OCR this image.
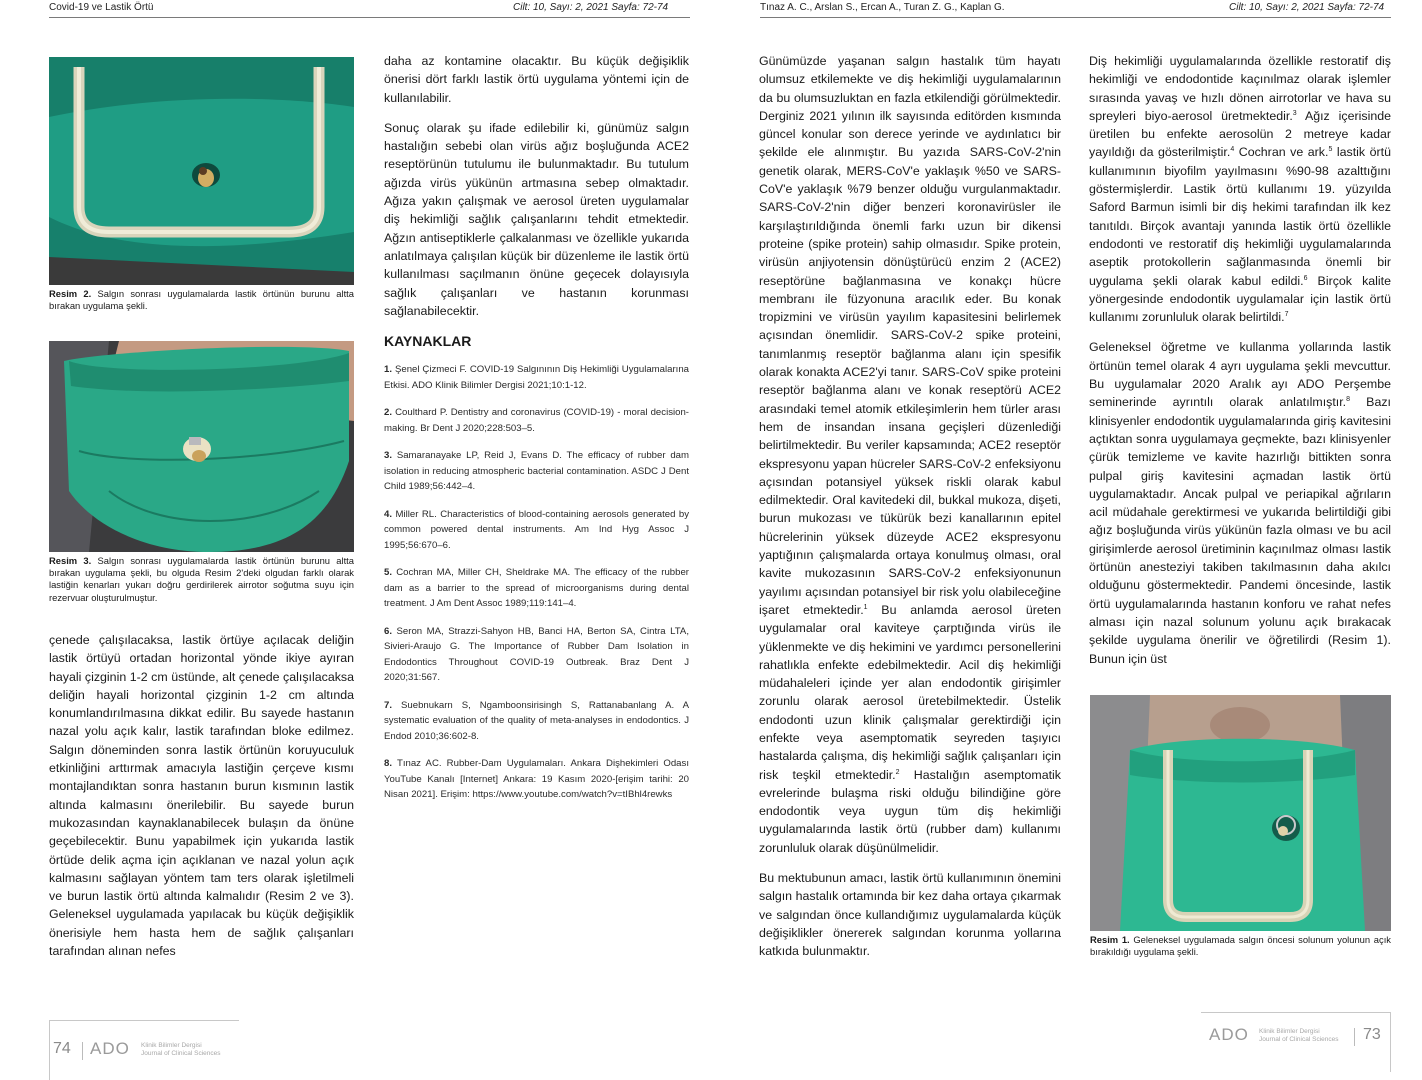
Covid-19 ve Lastik Örtü	Cilt: 10, Sayı: 2, 2021 Sayfa: 72-74
Resim 2. Salgın sonrası uygulamalarda lastik örtünün burunu altta bırakan uygulama şekli.
Resim 3. Salgın sonrası uygulamalarda lastik örtünün burunu altta bırakan uygulama şekli, bu olguda Resim 2'deki olgudan farklı olarak lastiğin kenarları yukarı doğru gerdirilerek airrotor soğutma suyu için rezervuar oluşturulmuştur.

çenede çalışılacaksa, lastik örtüye açılacak deliğin lastik örtüyü ortadan horizontal yönde ikiye ayıran hayali çizginin 1-2 cm üstünde, alt çenede çalışılacaksa deliğin hayali horizontal çizginin 1-2 cm altında konumlandırılmasına dikkat edilir. Bu sayede hastanın nazal yolu açık kalır, lastik tarafından bloke edilmez. Salgın döneminden sonra lastik örtünün koruyuculuk etkinliğini arttırmak amacıyla lastiğin çerçeve kısmı montajlandıktan sonra hastanın burun kısmının lastik altında kalmasını önerilebilir. Bu sayede burun mukozasından kaynaklanabilecek bulaşın da önüne geçebilecektir. Bunu yapabilmek için yukarıda lastik örtüde delik açma için açıklanan ve nazal yolun açık kalmasını sağlayan yöntem tam ters olarak işletilmeli ve burun lastik örtü altında kalmalıdır (Resim 2 ve 3). Geleneksel uygulamada yapılacak bu küçük değişiklik önerisiyle hem hasta hem de sağlık çalışanları tarafından alınan nefes

daha az kontamine olacaktır. Bu küçük değişiklik önerisi dört farklı lastik örtü uygulama yöntemi için de kullanılabilir.

Sonuç olarak şu ifade edilebilir ki, günümüz salgın hastalığın sebebi olan virüs ağız boşluğunda ACE2 reseptörünün tutulumu ile bulunmaktadır. Bu tutulum ağızda virüs yükünün artmasına sebep olmaktadır. Ağıza yakın çalışmak ve aerosol üreten uygulamalar diş hekimliği sağlık çalışanlarını tehdit etmektedir. Ağzın antiseptiklerle çalkalanması ve özellikle yukarıda anlatılmaya çalışılan küçük bir düzenleme ile lastik örtü kullanılması saçılmanın önüne geçecek dolayısıyla sağlık çalışanları ve hastanın korunması sağlanabilecektir.

KAYNAKLAR

1. Şenel Çizmeci F. COVID-19 Salgınının Diş Hekimliği Uygulamalarına Etkisi. ADO Klinik Bilimler Dergisi 2021;10:1-12.

2. Coulthard P. Dentistry and coronavirus (COVID-19) - moral decision-making. Br Dent J 2020;228:503–5.

3. Samaranayake LP, Reid J, Evans D. The efficacy of rubber dam isolation in reducing atmospheric bacterial contamination. ASDC J Dent Child 1989;56:442–4.

4. Miller RL. Characteristics of blood-containing aerosols generated by common powered dental instruments. Am Ind Hyg Assoc J 1995;56:670–6.

5. Cochran MA, Miller CH, Sheldrake MA. The efficacy of the rubber dam as a barrier to the spread of microorganisms during dental treatment. J Am Dent Assoc 1989;119:141–4.

6. Seron MA, Strazzi-Sahyon HB, Banci HA, Berton SA, Cintra LTA, Sivieri-Araujo G. The Importance of Rubber Dam Isolation in Endodontics Throughout COVID-19 Outbreak. Braz Dent J 2020;31:567.

7. Suebnukarn S, Ngamboonsirisingh S, Rattanabanlang A. A systematic evaluation of the quality of meta-analyses in endodontics. J Endod 2010;36:602-8.

8. Tınaz AC. Rubber-Dam Uygulamaları. Ankara Dişhekimleri Odası YouTube Kanalı [Internet] Ankara: 19 Kasım 2020-[erişim tarihi: 20 Nisan 2021]. Erişim: https://www.youtube.com/watch?v=tIBhl4rewks

74 ADO Klinik Bilimler Dergisi
Journal of Clinical Sciences
Tınaz A. C., Arslan S., Ercan A., Turan Z. G., Kaplan G.	Cilt: 10, Sayı: 2, 2021 Sayfa: 72-74

Günümüzde yaşanan salgın hastalık tüm hayatı olumsuz etkilemekte ve diş hekimliği uygulamalarının da bu olumsuzluktan en fazla etkilendiği görülmektedir. Derginiz 2021 yılının ilk sayısında editörden kısmında güncel konular son derece yerinde ve aydınlatıcı bir şekilde ele alınmıştır. Bu yazıda SARS-CoV-2'nin genetik olarak, MERS-CoV'e yaklaşık %50 ve SARS-CoV'e yaklaşık %79 benzer olduğu vurgulanmaktadır. SARS-CoV-2'nin diğer benzeri koronavirüsler ile karşılaştırıldığında önemli farkı uzun bir dikensi proteine (spike protein) sahip olmasıdır. Spike protein, virüsün anjiyotensin dönüştürücü enzim 2 (ACE2) reseptörüne bağlanmasına ve konakçı hücre membranı ile füzyonuna aracılık eder. Bu konak tropizmini ve virüsün yayılım kapasitesini belirlemek açısından önemlidir. SARS-CoV-2 spike proteini, tanımlanmış reseptör bağlanma alanı için spesifik olarak konakta ACE2'yi tanır. SARS-CoV spike proteini reseptör bağlanma alanı ve konak reseptörü ACE2 arasındaki temel atomik etkileşimlerin hem türler arası hem de insandan insana geçişleri düzenlediği belirtilmektedir. Bu veriler kapsamında; ACE2 reseptör ekspresyonu yapan hücreler SARS-CoV-2 enfeksiyonu açısından potansiyel yüksek riskli olarak kabul edilmektedir. Oral kavitedeki dil, bukkal mukoza, dişeti, burun mukozası ve tükürük bezi kanallarının epitel hücrelerinin yüksek düzeyde ACE2 ekspresyonu yaptığının çalışmalarda ortaya konulmuş olması, oral kavite mukozasının SARS-CoV-2 enfeksiyonunun yayılımı açısından potansiyel bir risk yolu olabileceğine işaret etmektedir.$^1$ Bu anlamda aerosol üreten uygulamalar oral kaviteye çarptığında virüs ile yüklenmekte ve diş hekimini ve yardımcı personellerini rahatlıkla enfekte edebilmektedir. Acil diş hekimliği müdahaleleri içinde yer alan endodontik girişimler zorunlu olarak aerosol üretebilmektedir. Üstelik endodonti uzun klinik çalışmalar gerektirdiği için enfekte veya asemptomatik seyreden taşıyıcı hastalarda çalışma, diş hekimliği sağlık çalışanları için risk teşkil etmektedir.$^2$ Hastalığın asemptomatik evrelerinde bulaşma riski olduğu bilindiğine göre endodontik veya uygun tüm diş hekimliği uygulamalarında lastik örtü (rubber dam) kullanımı zorunluluk olarak düşünülmelidir.

Bu mektubunun amacı, lastik örtü kullanımının önemini salgın hastalık ortamında bir kez daha ortaya çıkarmak ve salgından önce kullandığımız uygulamalarda küçük değişiklikler önererek salgından korunma yollarına katkıda bulunmaktır.

Diş hekimliği uygulamalarında özellikle restoratif diş hekimliği ve endodontide kaçınılmaz olarak işlemler sırasında yavaş ve hızlı dönen airrotorlar ve hava su spreyleri biyo-aerosol üretmektedir.$^3$ Ağız içerisinde üretilen bu enfekte aerosolün 2 metreye kadar yayıldığı da gösterilmiştir.$^4$ Cochran ve ark.$^5$ lastik örtü kullanımının biyofilm yayılmasını %90-98 azalttığını göstermişlerdir. Lastik örtü kullanımı 19. yüzyılda Saford Barmun isimli bir diş hekimi tarafından ilk kez tanıtıldı. Birçok avantajı yanında lastik örtü özellikle endodonti ve restoratif diş hekimliği uygulamalarında aseptik protokollerin sağlanmasında önemli bir uygulama şekli olarak kabul edildi.$^6$ Birçok kalite yönergesinde endodontik uygulamalar için lastik örtü kullanımı zorunluluk olarak belirtildi.$^7$

Geleneksel öğretme ve kullanma yollarında lastik örtünün temel olarak 4 ayrı uygulama şekli mevcuttur. Bu uygulamalar 2020 Aralık ayı ADO Perşembe seminerinde ayrıntılı olarak anlatılmıştır.$^8$ Bazı klinisyenler endodontik uygulamalarında giriş kavitesini açtıktan sonra uygulamaya geçmekte, bazı klinisyenler çürük temizleme ve kavite hazırlığı bittikten sonra pulpal giriş kavitesini açmadan lastik örtü uygulamaktadır. Ancak pulpal ve periapikal ağrıların acil müdahale gerektirmesi ve yukarıda belirtildiği gibi ağız boşluğunda virüs yükünün fazla olması ve bu acil girişimlerde aerosol üretiminin kaçınılmaz olması lastik örtünün anesteziyi takiben takılmasının daha akılcı olduğunu göstermektedir. Pandemi öncesinde, lastik örtü uygulamalarında hastanın konforu ve rahat nefes alması için nazal solunum yolunu açık bırakacak şekilde uygulama önerilir ve öğretilirdi (Resim 1). Bunun için üst

Resim 1. Geleneksel uygulamada salgın öncesi solunum yolunun açık bırakıldığı uygulama şekli.
ADO Klinik Bilimler Dergisi
Journal of Clinical Sciences 73
